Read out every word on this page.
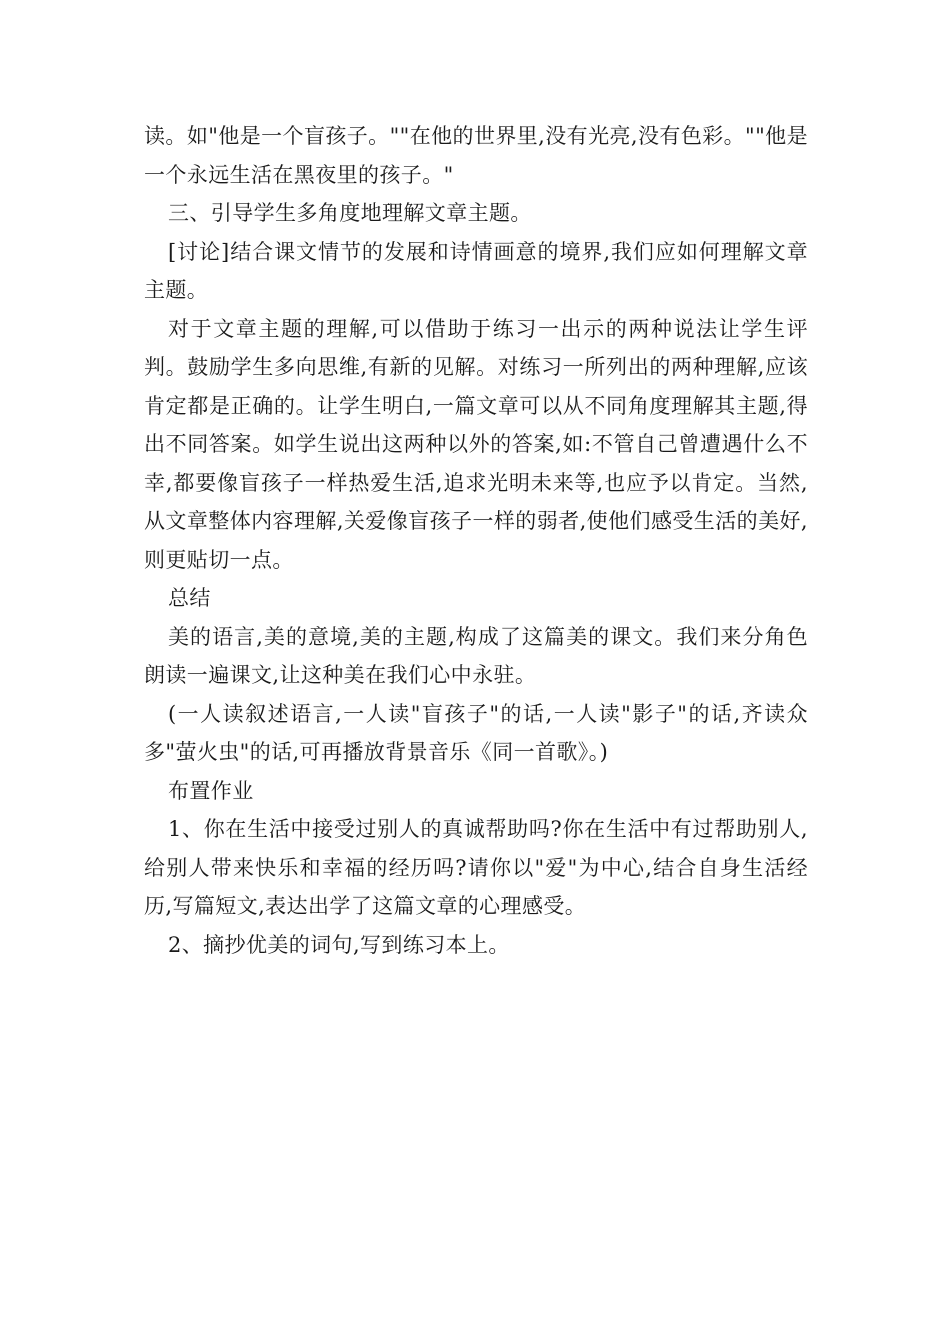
读。如"他是一个盲孩子。""在他的世界里,没有光亮,没有色彩。""他是一个永远生活在黑夜里的孩子。"

三、引导学生多角度地理解文章主题。

[讨论]结合课文情节的发展和诗情画意的境界,我们应如何理解文章主题。

对于文章主题的理解,可以借助于练习一出示的两种说法让学生评判。鼓励学生多向思维,有新的见解。对练习一所列出的两种理解,应该肯定都是正确的。让学生明白,一篇文章可以从不同角度理解其主题,得出不同答案。如学生说出这两种以外的答案,如:不管自己曾遭遇什么不幸,都要像盲孩子一样热爱生活,追求光明未来等,也应予以肯定。当然,从文章整体内容理解,关爱像盲孩子一样的弱者,使他们感受生活的美好,则更贴切一点。

总结

美的语言,美的意境,美的主题,构成了这篇美的课文。我们来分角色朗读一遍课文,让这种美在我们心中永驻。

(一人读叙述语言,一人读"盲孩子"的话,一人读"影子"的话,齐读众多"萤火虫"的话,可再播放背景音乐《同一首歌》。)

布置作业

1、你在生活中接受过别人的真诚帮助吗?你在生活中有过帮助别人,给别人带来快乐和幸福的经历吗?请你以"爱"为中心,结合自身生活经历,写篇短文,表达出学了这篇文章的心理感受。

2、摘抄优美的词句,写到练习本上。
